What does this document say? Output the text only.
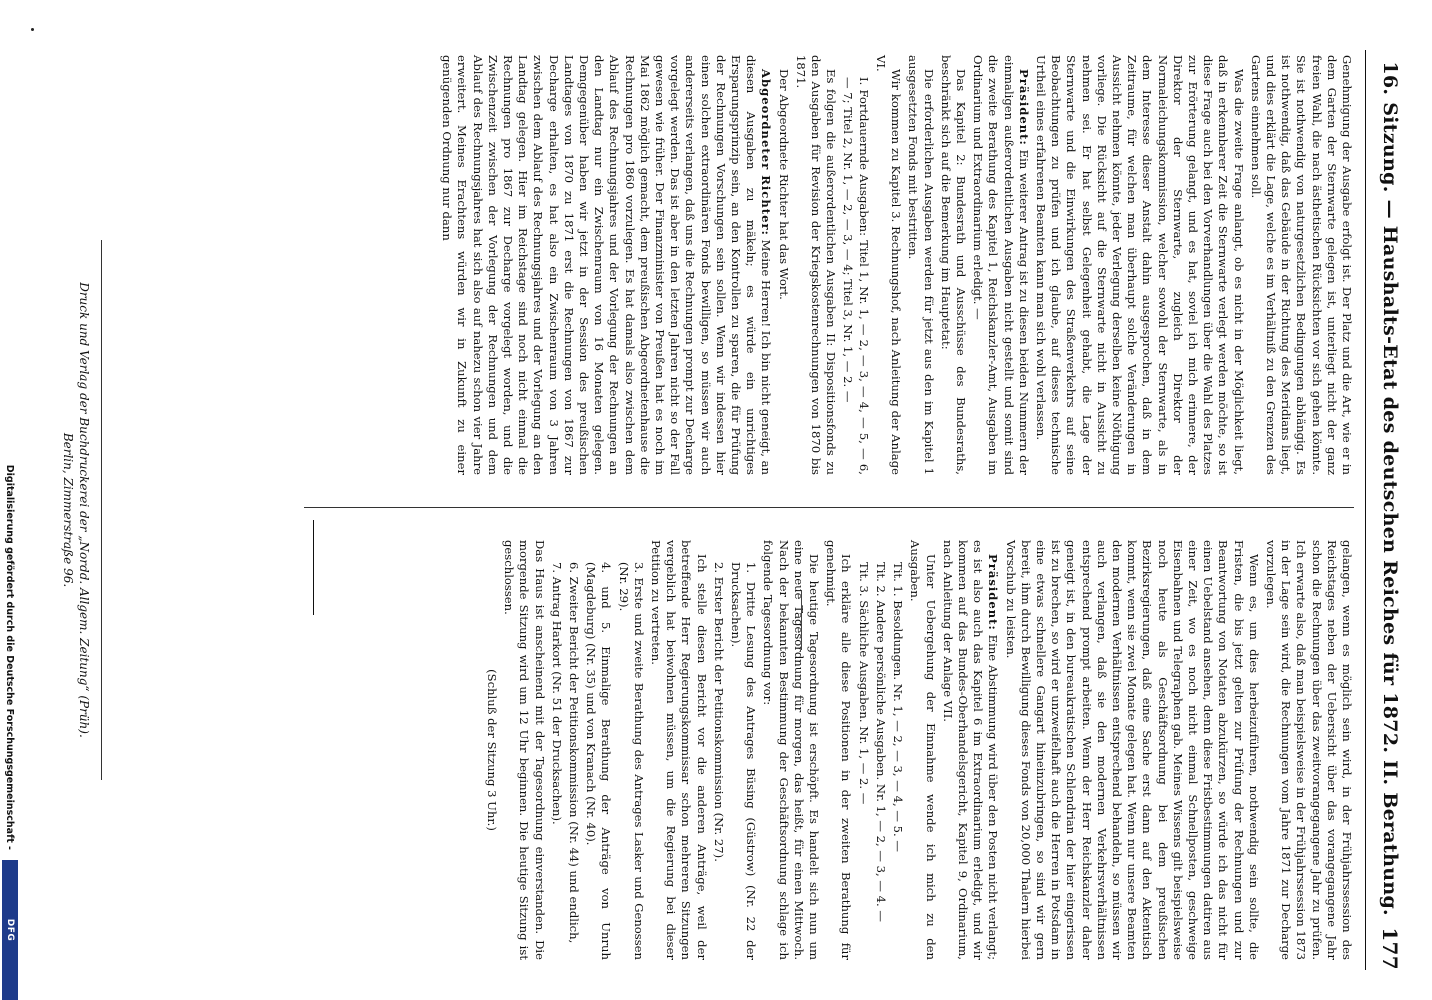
16. Sitzung. — Haushalts-Etat des deutschen Reiches für 1872. II. Berathung.
177

Genehmigung der Ausgabe erfolgt ist. Der Platz und die Art, wie er in dem Garten der Sternwarte gelegen ist, unterliegt nicht der ganz freien Wahl, die nach ästhetischen Rücksichten vor sich gehen könnte. Sie ist nothwendig von naturgesetzlichen Bedingungen abhängig. Es ist nothwendig, daß das Gebäude in der Richtung des Meridians liegt, und dies erklärt die Lage, welche es im Verhältniß zu den Grenzen des Gartens einnehmen soll.

Was die zweite Frage anlangt, ob es nicht in der Möglichkeit liegt, daß in erkennbarer Zeit die Sternwarte verlegt werden möchte, so ist diese Frage auch bei den Vorverhandlungen über die Wahl des Platzes zur Erörterung gelangt, und es hat, soviel ich mich erinnere, der Direktor der Sternwarte, zugleich Direktor der Normaleichungskommission, welcher sowohl der Sternwarte, als in dem Interesse dieser Anstalt dahin ausgesprochen, daß in dem Zeitraume, für welchen man überhaupt solche Veränderungen in Aussicht nehmen könnte, jeder Verlegung derselben keine Nöthigung vorliege. Die Rücksicht auf die Sternwarte nicht in Aussicht zu nehmen sei. Er hat selbst Gelegenheit gehabt, die Lage der Sternwarte und die Einwirkungen des Straßenverkehrs auf seine Beobachtungen zu prüfen und ich glaube, auf dieses technische Urtheil eines erfahrenen Beamten kann man sich wohl verlassen.

Präsident: Ein weiterer Antrag ist zu diesen beiden Nummern der einmaligen außerordentlichen Ausgaben nicht gestellt und somit sind die zweite Berathung des Kapitel 1, Reichskanzler-Amt, Ausgaben im Ordinarium und Extraordinarium erledigt. —

Das Kapitel 2: Bundesrath und Ausschüsse des Bundesraths, beschränkt sich auf die Bemerkung im Hauptetat:

Die erforderlichen Ausgaben werden für jetzt aus den im Kapitel 1 ausgesetzten Fonds mit bestritten.

Wir kommen zu Kapitel 3. Rechnungshof, nach Anleitung der Anlage VI.

I. Fortdauernde Ausgaben: Titel 1, Nr. 1, — 2, — 3, — 4, — 5, — 6, — 7; Titel 2, Nr. 1, — 2, — 3, — 4; Titel 3, Nr. 1, — 2. —

Es folgen die außerordentlichen Ausgaben II: Dispositionsfonds zu den Ausgaben für Revision der Kriegskostenrechnungen von 1870 bis 1871.

Der Abgeordnete Richter hat das Wort.

Abgeordneter Richter: Meine Herren! Ich bin nicht geneigt, an diesen Ausgaben zu mäkeln; es würde ein unrichtiges Ersparungsprinzip sein, an den Kontrollen zu sparen, die für Prüfung der Rechnungen Vorschungen sein sollen. Wenn wir indessen hier einen solchen extraordinären Fonds bewilligen, so müssen wir auch andererseits verlangen, daß uns die Rechnungen prompt zur Decharge vorgelegt werden. Das ist aber in den letzten Jahren nicht so der Fall gewesen wie früher. Der Finanzminister von Preußen hat es noch im Mai 1862 möglich gemacht, dem preußischen Abgeordnetenhause die Rechnungen pro 1860 vorzulegen. Es hat damals also zwischen dem Ablauf des Rechnungsjahres und der Vorlegung der Rechnungen an den Landtag nur ein Zwischenraum von 16 Monaten gelegen. Demgegenüber haben wir jetzt in der Session des preußischen Landtages von 1870 zu 1871 erst die Rechnungen von 1867 zur Decharge erhalten, es hat also ein Zwischenraum von 3 Jahren zwischen dem Ablauf des Rechnungsjahres und der Vorlegung an den Landtag gelegen. Hier im Reichstage sind noch nicht einmal die Rechnungen pro 1867 zur Decharge vorgelegt worden, und die Zwischenzeit zwischen der Vorlegung der Rechnungen und dem Ablauf des Rechnungsjahres hat sich also auf nahezu schon vier Jahre erweitert. Meines Erachtens würden wir in Zukunft zu einer genügenden Ordnung nur dann

gelangen, wenn es möglich sein wird, in der Frühjahrssession des Reichstages neben der Uebersicht über das vorangegangene Jahr schon die Rechnungen über das zweitvorangegangene Jahr zu prüfen. Ich erwarte also, daß man beispielsweise in der Frühjahrssession 1873 in der Lage sein wird, die Rechnungen vom Jahre 1871 zur Decharge vorzulegen.

Wenn es, um dies herbeizuführen, nothwendig sein sollte, die Fristen, die bis jetzt gelten zur Prüfung der Rechnungen und zur Beantwortung von Notaten abzukürzen, so würde ich das nicht für einen Uebelstand ansehen, denn diese Fristbestimmungen datiren aus einer Zeit, wo es noch nicht einmal Schnellposten, geschweige Eisenbahnen und Telegraphen gab. Meines Wissens gilt beispielsweise noch heute als Geschäftsordnung bei dem preußischen Bezirksregierungen, daß eine Sache erst dann auf den Aktentisch kommt, wenn sie zwei Monate gelegen hat. Wenn nur unsere Beamten den modernen Verhältnissen entsprechend behandeln, so müssen wir auch verlangen, daß sie den modernen Verkehrsverhältnissen entsprechend prompt arbeiten. Wenn der Herr Reichskanzler daher geneigt ist, in den bureaukratischen Schlendrian der hier eingerissen ist zu brechen, so wird er unzweifelhaft auch die Herren in Potsdam in eine etwas schnellere Gangart hineinzubringen, so sind wir gern bereit, ihm durch Bewilligung dieses Fonds von 20,000 Thalern hierbei Vorschub zu leisten.

Präsident: Eine Abstimmung wird über den Posten nicht verlangt; es ist also auch das Kapitel 6 im Extraordinarium erledigt, und wir kommen auf das Bundes-Oberhandelsgericht, Kapitel 9, Ordinarium, nach Anleitung der Anlage VII.

Unter Uebergehung der Einnahme wende ich mich zu den Ausgaben.

Tit. 1. Besoldungen. Nr. 1, — 2, — 3, — 4, — 5. —

Tit. 2. Andere persönliche Ausgaben. Nr. 1, — 2, — 3, — 4. —

Tit. 3. Sächliche Ausgaben. Nr. 1, — 2. —

Ich erkläre alle diese Positionen in der zweiten Berathung für genehmigt.

Die heutige Tagesordnung ist erschöpft. Es handelt sich nun um eine neue Tagesordnung für morgen, das heißt, für einen Mittwoch. Nach der bekannten Bestimmung der Geschäftsordnung schlage ich folgende Tagesordnung vor:

1. Dritte Lesung des Antrages Büsing (Güstrow) (Nr. 22 der Drucksachen).

2. Erster Bericht der Petitionskommission (Nr. 27).

Ich stelle diesen Bericht vor die anderen Anträge, weil der betreffende Herr Regierungskommissar schon mehreren Sitzungen vergeblich hat beiwohnen müssen, um die Regierung bei dieser Petition zu vertreten.

3. Erste und zweite Berathung des Antrages Lasker und Genossen (Nr. 29).

4. und 5. Einmalige Berathung der Anträge von Unruh (Magdeburg) (Nr. 35) und von Kranach (Nr. 40).

6. Zweiter Bericht der Petitionskommission (Nr. 44) und endlich,

7. Antrag Harkort (Nr. 51 der Drucksachen).

Das Haus ist anscheinend mit der Tagesordnung einverstanden. Die morgende Sitzung wird um 12 Uhr beginnen. Die heutige Sitzung ist geschlossen.

(Schluß der Sitzung 3 Uhr.)

Druck und Verlag der Buchdruckerei der „Nordd. Allgem. Zeitung“ (Prüh).
Berlin, Zimmerstraße 96.
Digitalisierung gefördert durch die Deutsche Forschungsgemeinschaft -
DFG
